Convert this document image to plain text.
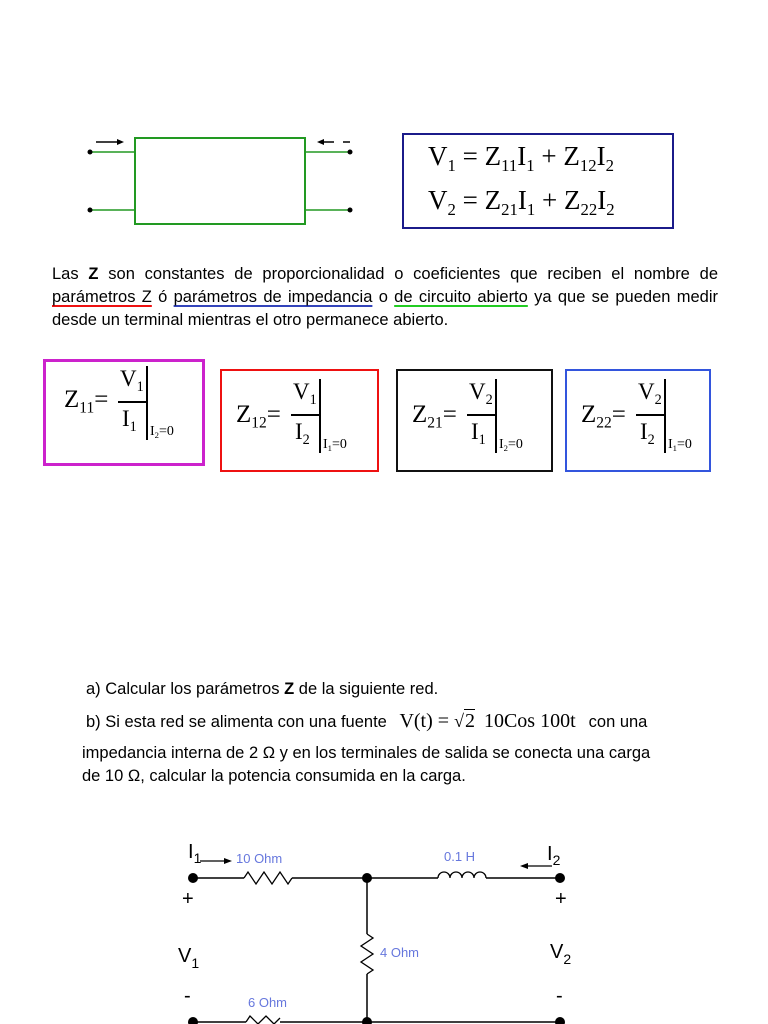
$V_1 = Z_{11}I_1 + Z_{12}I_2$
$V_2 = Z_{21}I_1 + Z_{22}I_2$
Las Z son constantes de proporcionalidad o coeficientes que reciben el nombre de parámetros Z ó parámetros de impedancia o de circuito abierto ya que se pueden medir desde un terminal mientras el otro permanece abierto.
$Z_{11}=$
$V_1$
$I_1$ $I_2=0$
$Z_{12}=$
$V_1$
$I_2$ $I_1=0$
$Z_{21}=$
$V_2$
$I_1$ $I_2=0$
$Z_{22}=$
$V_2$
$I_2$ $I_1=0$
a) Calcular los parámetros Z de la siguiente red.
b) Si esta red se alimenta con una fuente V(t) = √2 10Cos 100t con una
impedancia interna de 2 Ω y en los terminales de salida se conecta una carga
de 10 Ω, calcular la potencia consumida en la carga.
$I_1$	$I_2$
10 Ohm	0.1 H
4 Ohm
6 Ohm
+	+
$V_1$	$V_2$
-	-
